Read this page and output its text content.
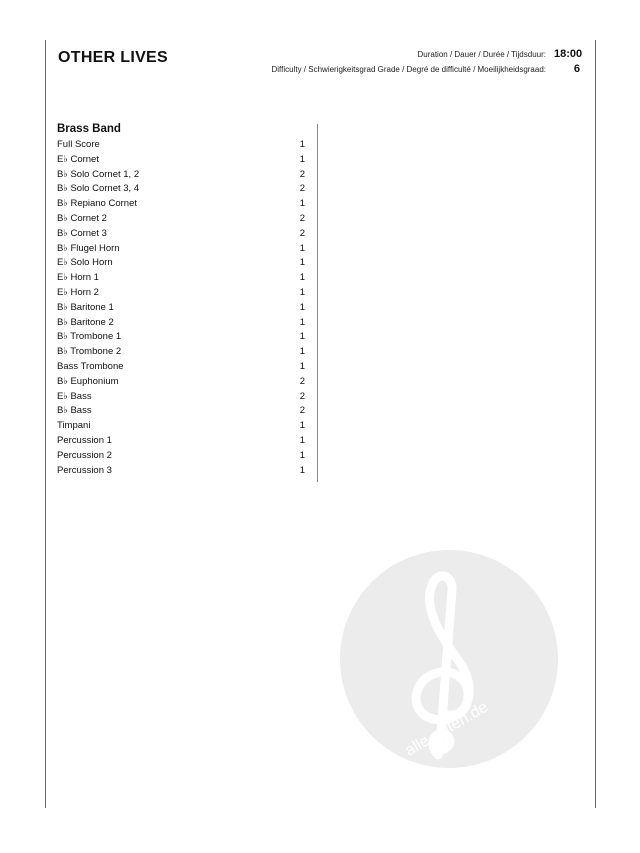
OTHER LIVES	Duration / Dauer / Durée / Tijdsduur: 18:00
Difficulty / Schwierigkeitsgrad Grade / Degré de difficulté / Moeilijkheidsgraad:	6
Brass Band
Full Score	1
E♭ Cornet	1
B♭ Solo Cornet 1, 2	2
B♭ Solo Cornet 3, 4	2
B♭ Repiano Cornet	1
B♭ Cornet 2	2
B♭ Cornet 3	2
B♭ Flugel Horn	1
E♭ Solo Horn	1
E♭ Horn 1	1
E♭ Horn 2	1
B♭ Baritone 1	1
B♭ Baritone 2	1
B♭ Trombone 1	1
B♭ Trombone 2	1
Bass Trombone	1
B♭ Euphonium	2
E♭ Bass	2
B♭ Bass	2
Timpani	1
Percussion 1	1
Percussion 2	1
Percussion 3	1
alle-noten.de
